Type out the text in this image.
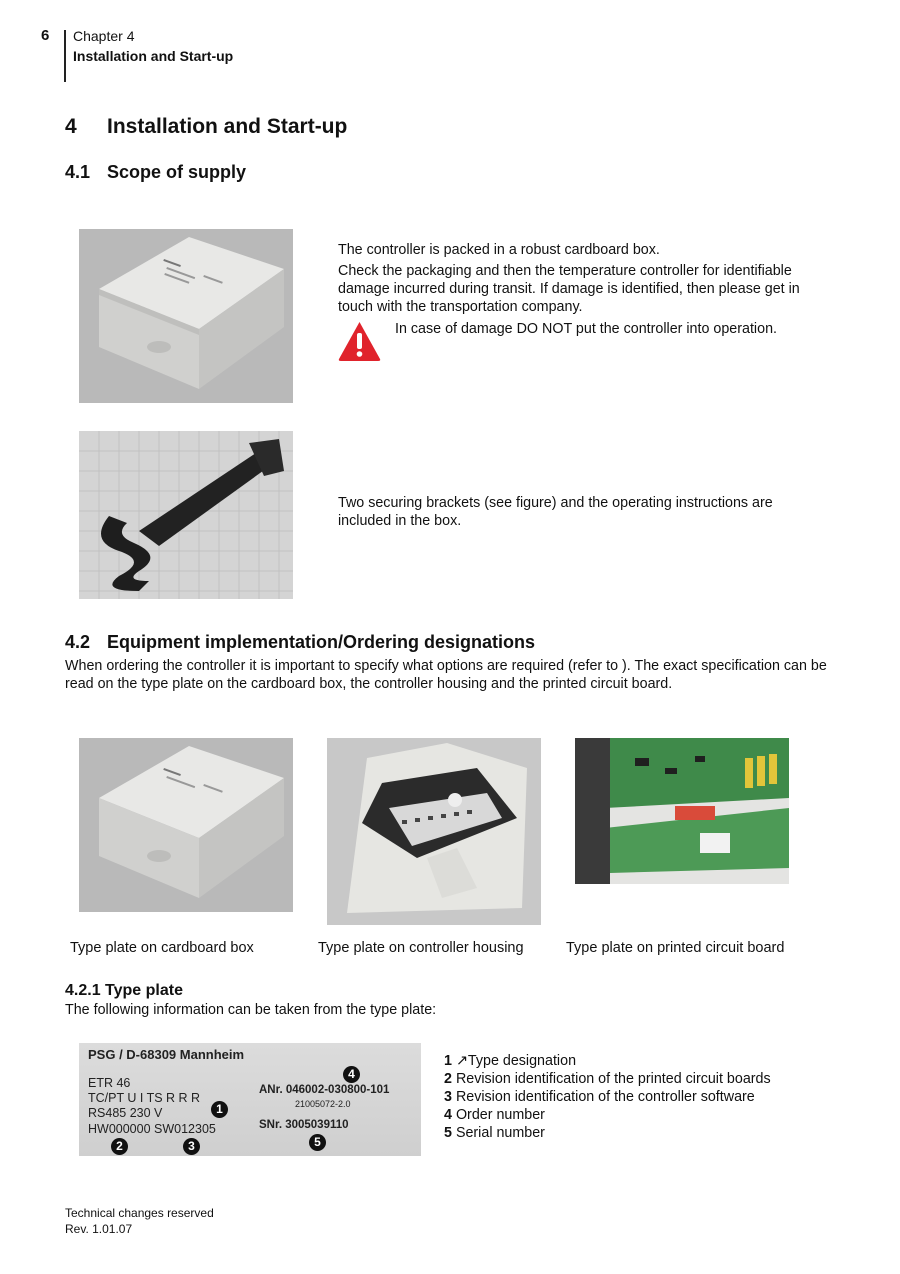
6 Chapter 4
Installation and Start-up
4 Installation and Start-up
4.1 Scope of supply
The controller is packed in a robust cardboard box.
Check the packaging and then the temperature controller for identifiable damage incurred during transit. If damage is identified, then please get in touch with the transportation company.
In case of damage DO NOT put the controller into operation.
Two securing brackets (see figure) and the operating instructions are included in the box.
4.2 Equipment implementation/Ordering designations
When ordering the controller it is important to specify what options are required (refer to ). The exact specification can be read on the type plate on the cardboard box, the controller housing and the printed circuit board.
Type plate on cardboard box	Type plate on controller housing	Type plate on printed circuit board
4.2.1 Type plate
The following information can be taken from the type plate:
PSG / D-68309 Mannheim
ETR 46
TC/PT U I TS R R R
RS485 230 V
HW000000 SW012305
ANr. 046002-030800-101
21005072-2.0
SNr. 3005039110
1
2	3
4
5
1 ↗Type designation
2 Revision identification of the printed circuit boards
3 Revision identification of the controller software
4 Order number
5 Serial number
Technical changes reserved
Rev. 1.01.07
